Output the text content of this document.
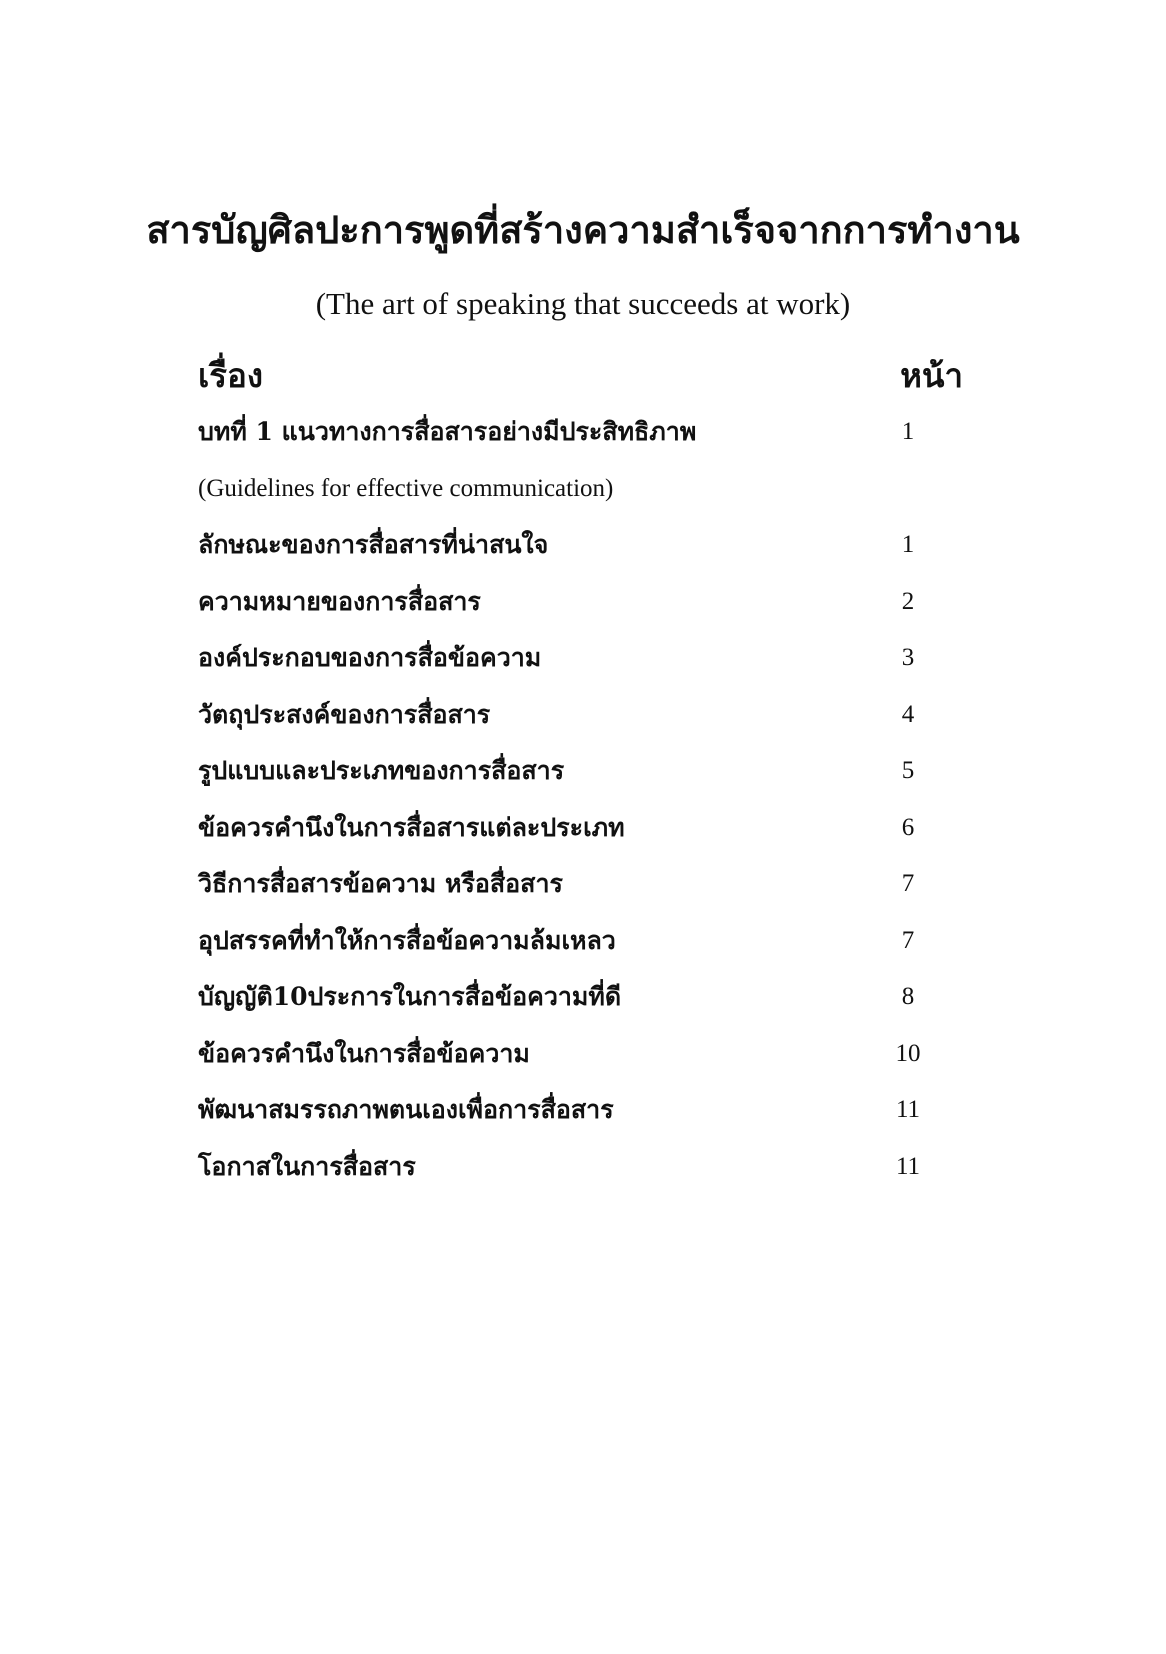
สารบัญศิลปะการพูดที่สร้างความสำเร็จจากการทำงาน

(The art of speaking that succeeds at work)

เรื่อง	หน้า
บทที่ 1 แนวทางการสื่อสารอย่างมีประสิทธิภาพ	1
(Guidelines for effective communication)
ลักษณะของการสื่อสารที่น่าสนใจ	1
ความหมายของการสื่อสาร	2
องค์ประกอบของการสื่อข้อความ	3
วัตถุประสงค์ของการสื่อสาร	4
รูปแบบและประเภทของการสื่อสาร	5
ข้อควรคำนึงในการสื่อสารแต่ละประเภท	6
วิธีการสื่อสารข้อความ หรือสื่อสาร	7
อุปสรรคที่ทำให้การสื่อข้อความล้มเหลว	7
บัญญัติ10ประการในการสื่อข้อความที่ดี	8
ข้อควรคำนึงในการสื่อข้อความ	10
พัฒนาสมรรถภาพตนเองเพื่อการสื่อสาร	11
โอกาสในการสื่อสาร	11
